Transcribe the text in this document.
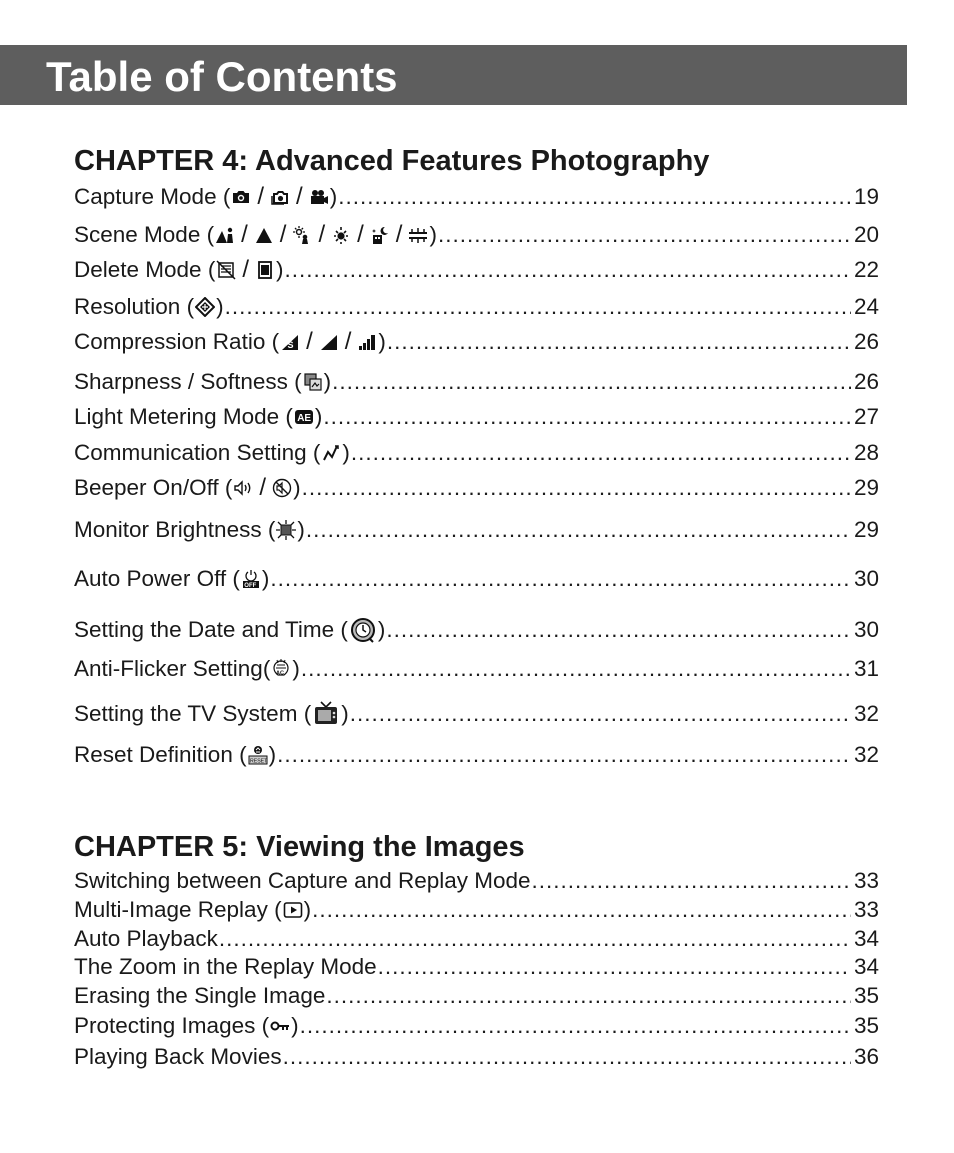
Table of Contents
CHAPTER 4: Advanced Features Photography
CHAPTER 5: Viewing the Images
Capture Mode ( / / ) .....	19
Scene Mode ( / / / / / ) .....	20
Delete Mode ( / ) .....	22
Resolution ( ) .....	24
Compression Ratio ( S / / ) .....	26
Sharpness / Softness ( ) .....	26
Light Metering Mode ( AE ) .....	27
Communication Setting ( ) .....	28
Beeper On/Off ( / ) .....	29
Monitor Brightness ( ) .....	29
Auto Power Off ( OFF ) .....	30
Setting the Date and Time ( ) .....	30
Anti-Flicker Setting ( AC ) .....	31
Setting the TV System ( ) .....	32
Reset Definition ( RESET ) .....	32
Switching between Capture and Replay Mode .....	33
Multi-Image Replay ( ) .....	33
Auto Playback .....	34
The Zoom in the Replay Mode .....	34
Erasing the Single Image .....	35
Protecting Images ( ) .....	35
Playing Back Movies .....	36
